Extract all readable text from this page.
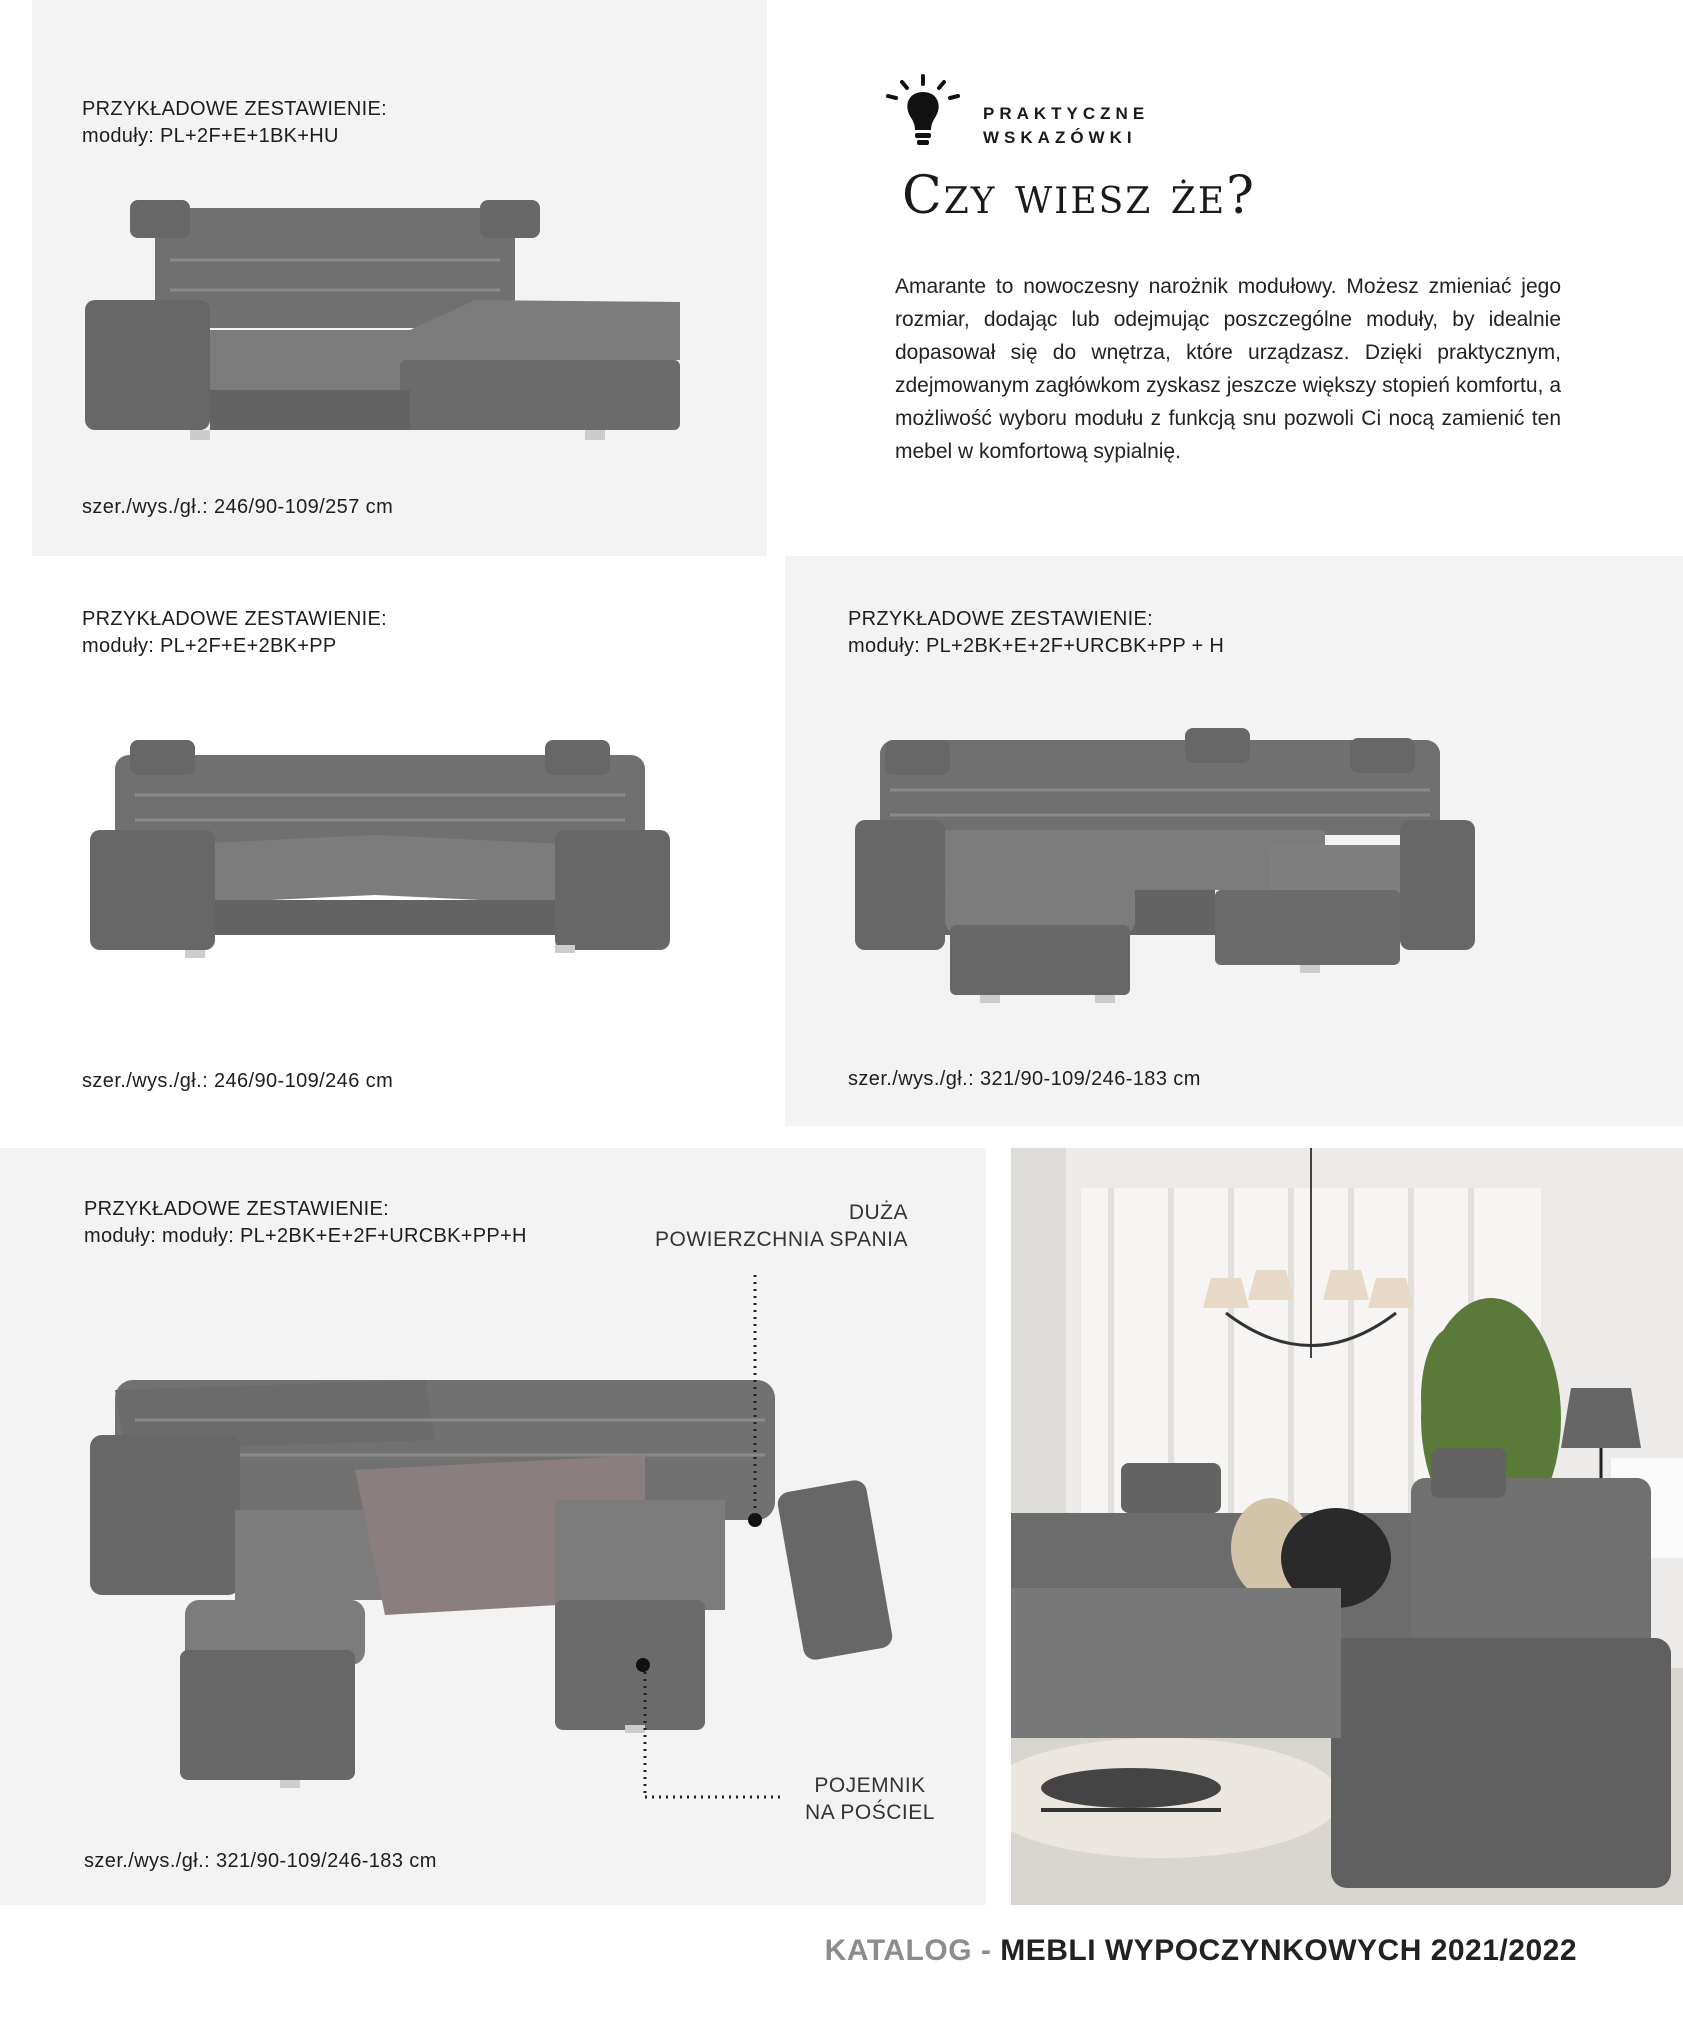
PRZYKŁADOWE ZESTAWIENIE:
moduły: PL+2F+E+1BK+HU
szer./wys./gł.: 246/90-109/257 cm
PRAKTYCZNE
WSKAZÓWKI
Czy wiesz że?
Amarante to nowoczesny narożnik modułowy. Możesz zmieniać jego rozmiar, dodając lub odejmując poszczególne moduły, by idealnie dopasował się do wnętrza, które urządzasz. Dzięki praktycznym, zdejmowanym zagłówkom zyskasz jeszcze większy stopień komfortu, a możliwość wyboru modułu z funkcją snu pozwoli Ci nocą zamienić ten mebel w komfortową sypialnię.
PRZYKŁADOWE ZESTAWIENIE:
moduły: PL+2F+E+2BK+PP
szer./wys./gł.: 246/90-109/246 cm
PRZYKŁADOWE ZESTAWIENIE:
moduły: PL+2BK+E+2F+URCBK+PP + H
szer./wys./gł.: 321/90-109/246-183 cm
PRZYKŁADOWE ZESTAWIENIE:
moduły: moduły: PL+2BK+E+2F+URCBK+PP+H
DUŻA
POWIERZCHNIA SPANIA
POJEMNIK
NA POŚCIEL
szer./wys./gł.: 321/90-109/246-183 cm
KATALOG - MEBLI WYPOCZYNKOWYCH 2021/2022
